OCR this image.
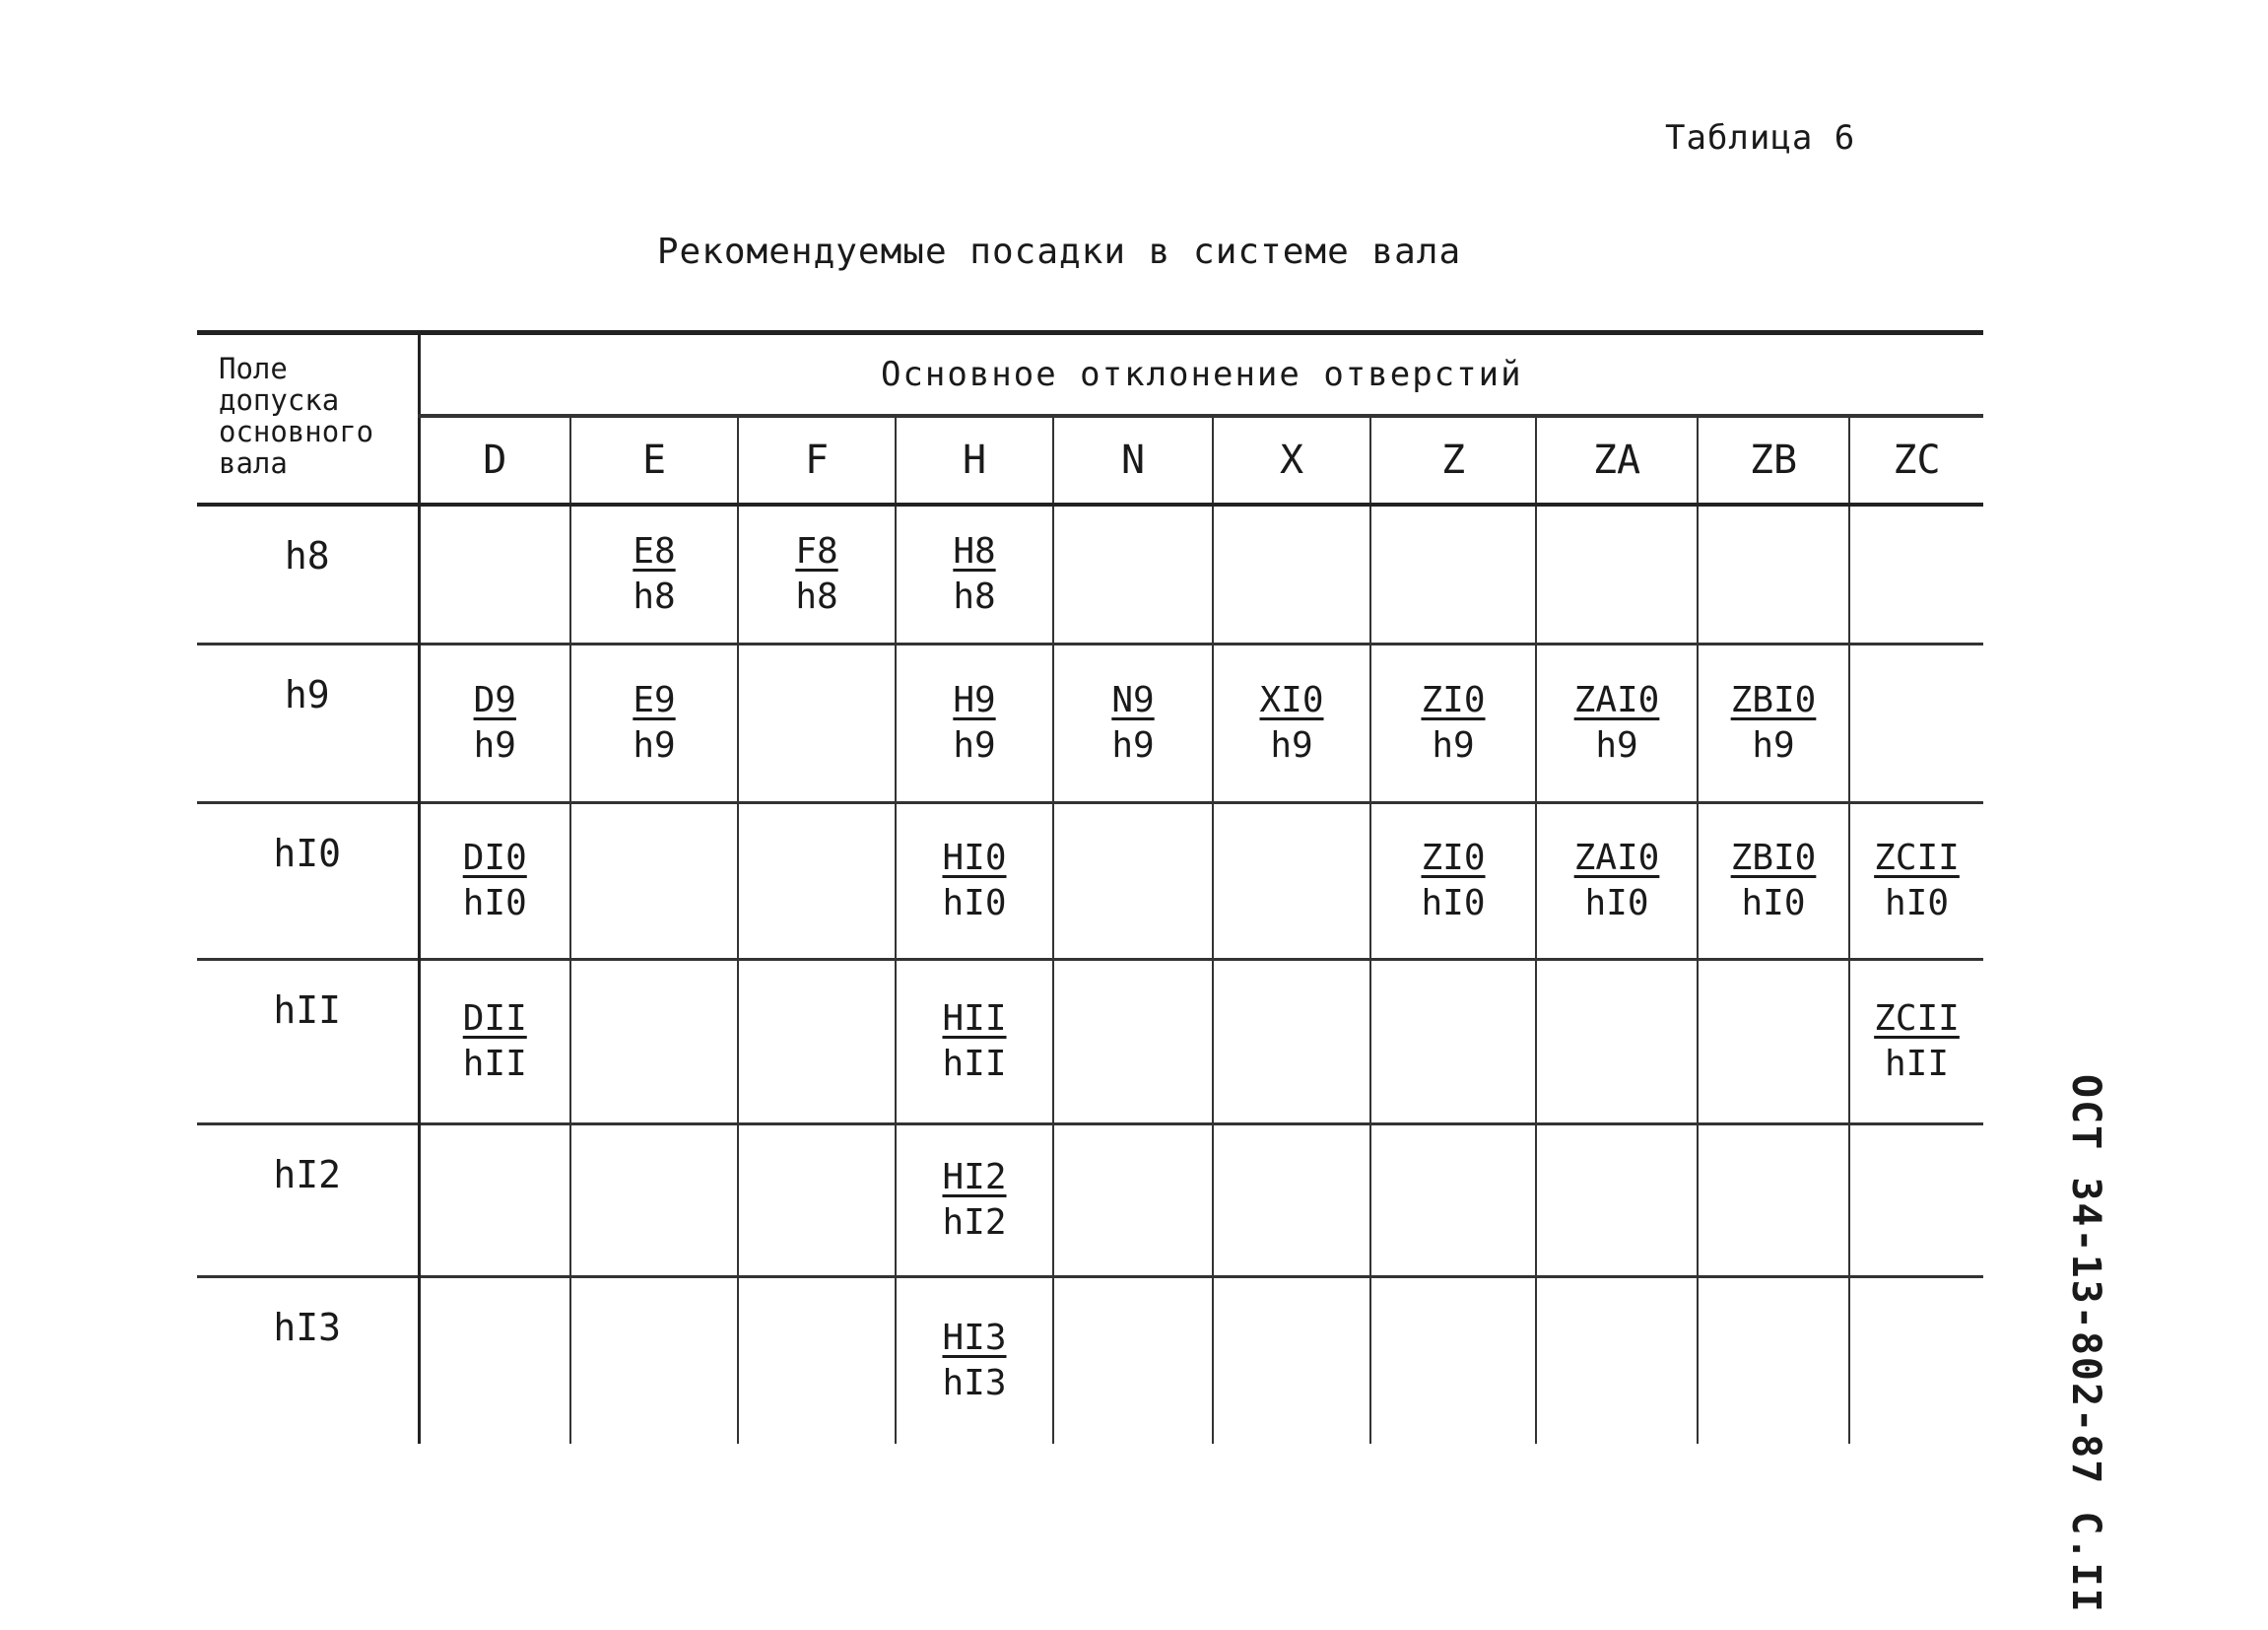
Таблица 6
Рекомендуемые посадки в системе вала
ОСТ 34-13-802-87 С.II
Поле
допуска
основного
вала	Основное отклонение отверстий									
	D	E	F	H	N	X	Z	ZA	ZB	ZC
h8		$\frac{E8}{h8}$	$\frac{F8}{h8}$	$\frac{H8}{h8}$

h9	$\frac{D9}{h9}$	$\frac{E9}{h9}$		$\frac{H9}{h9}$	$\frac{N9}{h9}$	$\frac{XI0}{h9}$	$\frac{ZI0}{h9}$	$\frac{\text{ZAI0}}{h9}$	$\frac{\text{ZBI0}}{h9}$

hI0	$\frac{DI0}{hI0}$			$\frac{HI0}{hI0}$			$\frac{ZI0}{hI0}$	$\frac{\text{ZAI0}}{hI0}$	$\frac{\text{ZBI0}}{hI0}$	$\frac{\text{ZCII}}{hI0}$

hII	$\frac{\text{DII}}{\text{hII}}$			$\frac{\text{HII}}{\text{hII}}$						$\frac{\text{ZCII}}{\text{hII}}$

hI2				$\frac{HI2}{hI2}$

hI3				$\frac{HI3}{hI3}$
